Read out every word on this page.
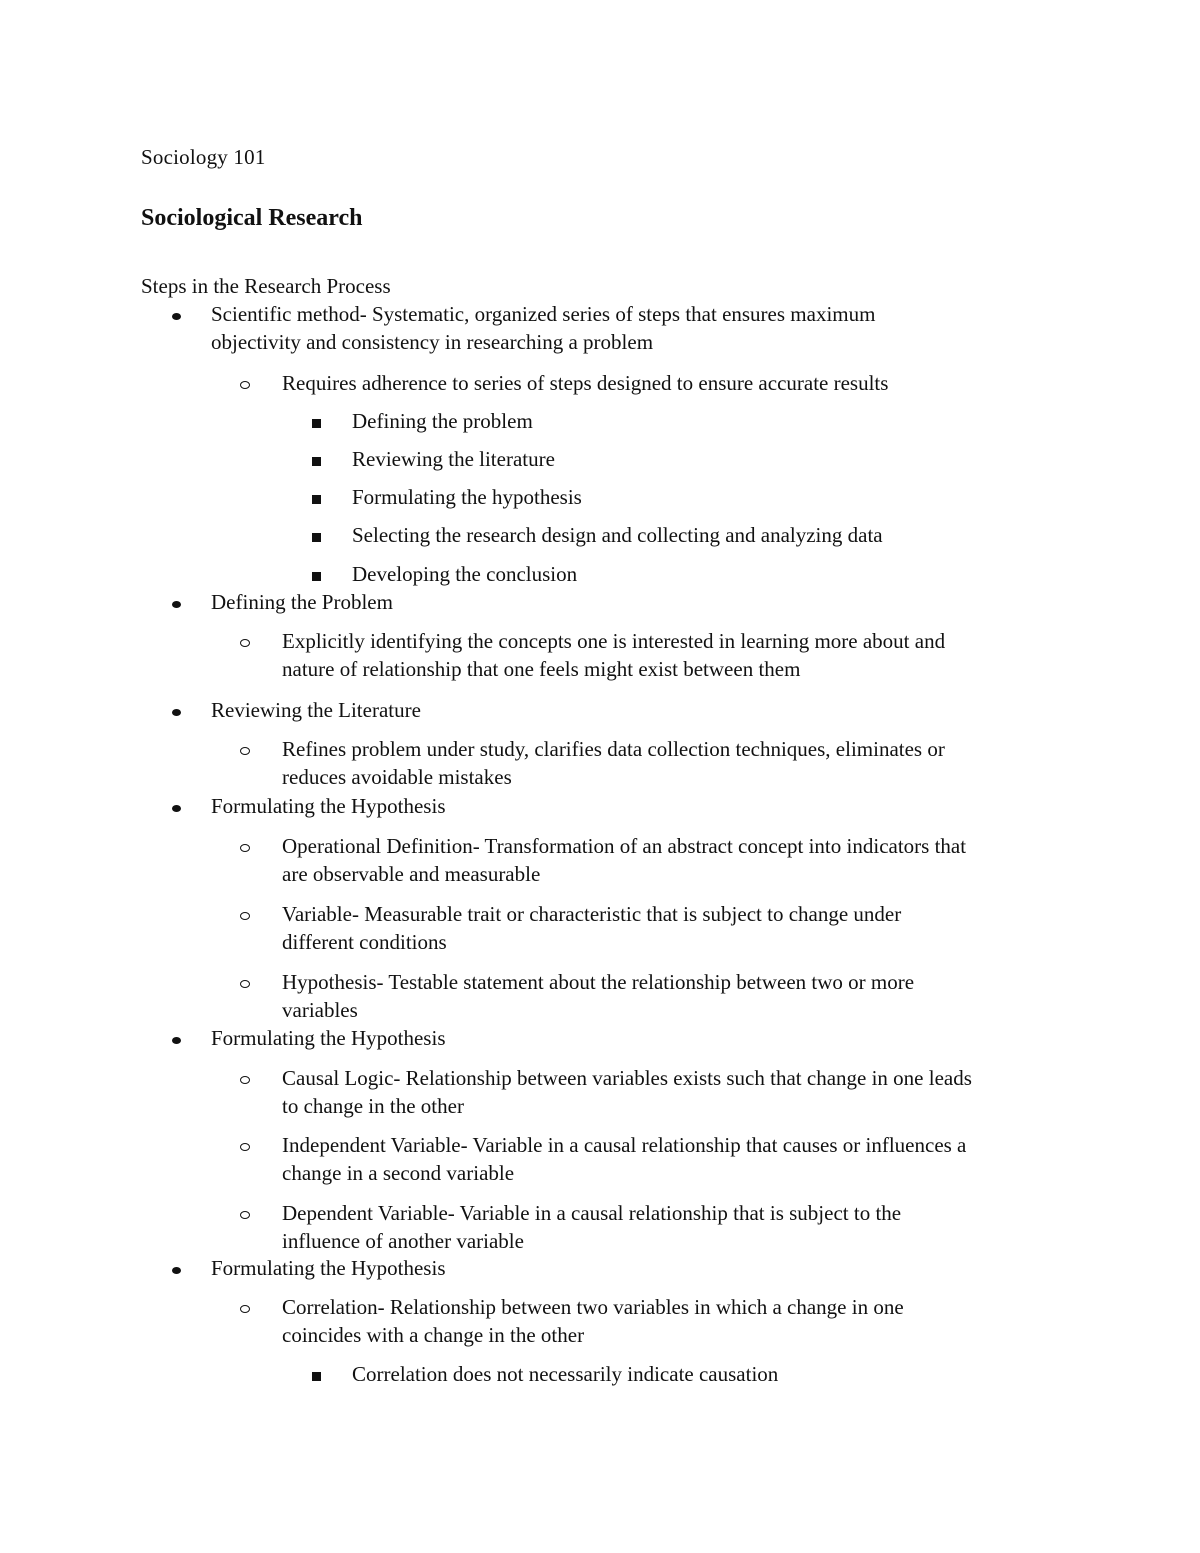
Sociology 101
Sociological Research
Steps in the Research Process
Scientific method- Systematic, organized series of steps that ensures maximum
objectivity and consistency in researching a problem
Requires adherence to series of steps designed to ensure accurate results
Defining the problem
Reviewing the literature
Formulating the hypothesis
Selecting the research design and collecting and analyzing data
Developing the conclusion
Defining the Problem
Explicitly identifying the concepts one is interested in learning more about and
nature of relationship that one feels might exist between them
Reviewing the Literature
Refines problem under study, clarifies data collection techniques, eliminates or
reduces avoidable mistakes
Formulating the Hypothesis
Operational Definition- Transformation of an abstract concept into indicators that
are observable and measurable
Variable- Measurable trait or characteristic that is subject to change under
different conditions
Hypothesis- Testable statement about the relationship between two or more
variables
Formulating the Hypothesis
Causal Logic- Relationship between variables exists such that change in one leads
to change in the other
Independent Variable- Variable in a causal relationship that causes or influences a
change in a second variable
Dependent Variable- Variable in a causal relationship that is subject to the
influence of another variable
Formulating the Hypothesis
Correlation- Relationship between two variables in which a change in one
coincides with a change in the other
Correlation does not necessarily indicate causation
